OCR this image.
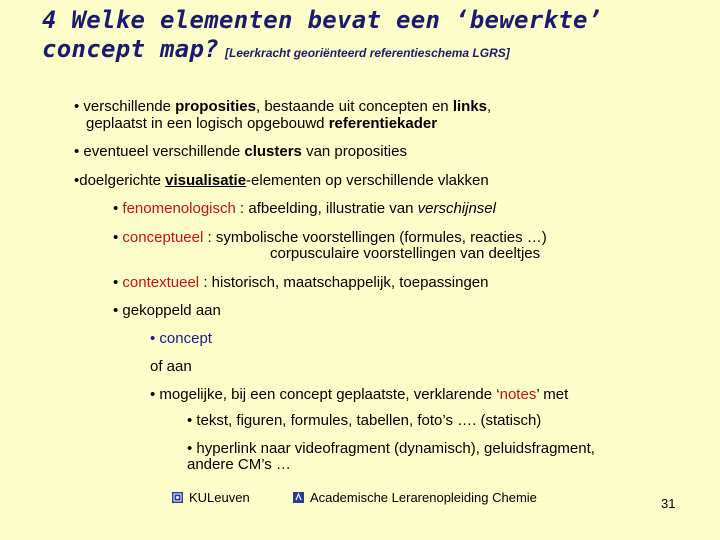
4 Welke elementen bevat een ‘bewerkte’
concept map? [Leerkracht georiënteerd referentieschema LGRS]
• verschillende proposities, bestaande uit concepten en links,
geplaatst in een logisch opgebouwd referentiekader
• eventueel verschillende clusters van proposities
•doelgerichte visualisatie-elementen op verschillende vlakken
• fenomenologisch : afbeelding, illustratie van verschijnsel
• conceptueel : symbolische voorstellingen (formules, reacties …)
corpusculaire voorstellingen van deeltjes
• contextueel : historisch, maatschappelijk, toepassingen
• gekoppeld aan
• concept
of aan
• mogelijke, bij een concept geplaatste, verklarende ‘notes’ met
• tekst, figuren, formules, tabellen, foto’s …. (statisch)
• hyperlink naar videofragment (dynamisch), geluidsfragment,
andere CM’s …
KULeuven	Academische Lerarenopleiding Chemie	31
